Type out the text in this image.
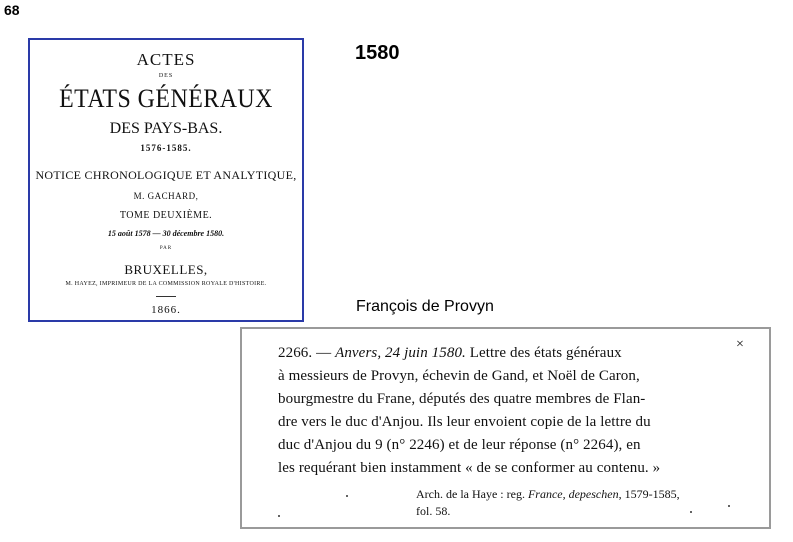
68
1580
ACTES
DES
ÉTATS GÉNÉRAUX
DES PAYS-BAS.
1576-1585.
NOTICE CHRONOLOGIQUE ET ANALYTIQUE,
M. GACHARD,
TOME DEUXIÈME.
15 août 1578 — 30 décembre 1580.
PAR
BRUXELLES,
M. HAYEZ, IMPRIMEUR DE LA COMMISSION ROYALE D'HISTOIRE.
1866.	François de Provyn
×
2266. — Anvers, 24 juin 1580. Lettre des états généraux
à messieurs de Provyn, échevin de Gand, et Noël de Caron,
bourgmestre du Frane, députés des quatre membres de Flan-
dre vers le duc d'Anjou. Ils leur envoient copie de la lettre du
duc d'Anjou du 9 (n° 2246) et de leur réponse (n° 2264), en
les requérant bien instamment « de se conformer au contenu. »
Arch. de la Haye : reg. France, depeschen, 1579-1585,
fol. 58.
